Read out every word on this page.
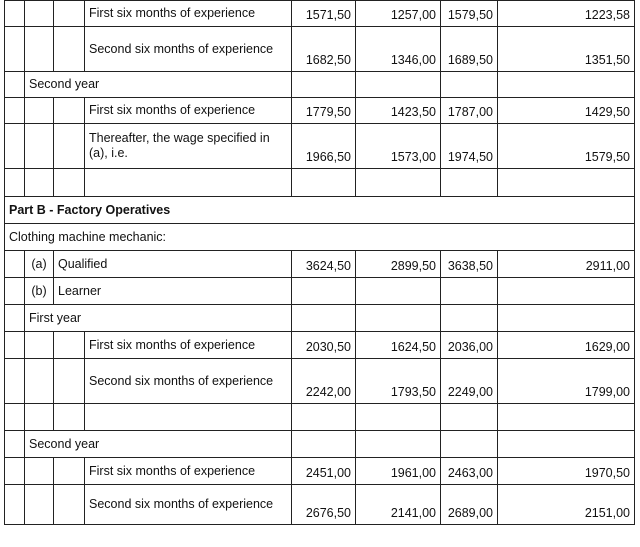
			First six months of experience	1571,50	1257,00	1579,50	1223,58
			Second six months of experience	1682,50	1346,00	1689,50	1351,50
	Second year						
			First six months of experience	1779,50	1423,50	1787,00	1429,50
			Thereafter, the wage specified in (a), i.e.	1966,50	1573,00	1974,50	1579,50

Part B - Factory Operatives							
Clothing machine mechanic:							
	(a)	Qualified		3624,50	2899,50	3638,50	2911,00
	(b)	Learner					
	First year						
			First six months of experience	2030,50	1624,50	2036,00	1629,00
			Second six months of experience	2242,00	1793,50	2249,00	1799,00

	Second year						
			First six months of experience	2451,00	1961,00	2463,00	1970,50
			Second six months of experience	2676,50	2141,00	2689,00	2151,00
